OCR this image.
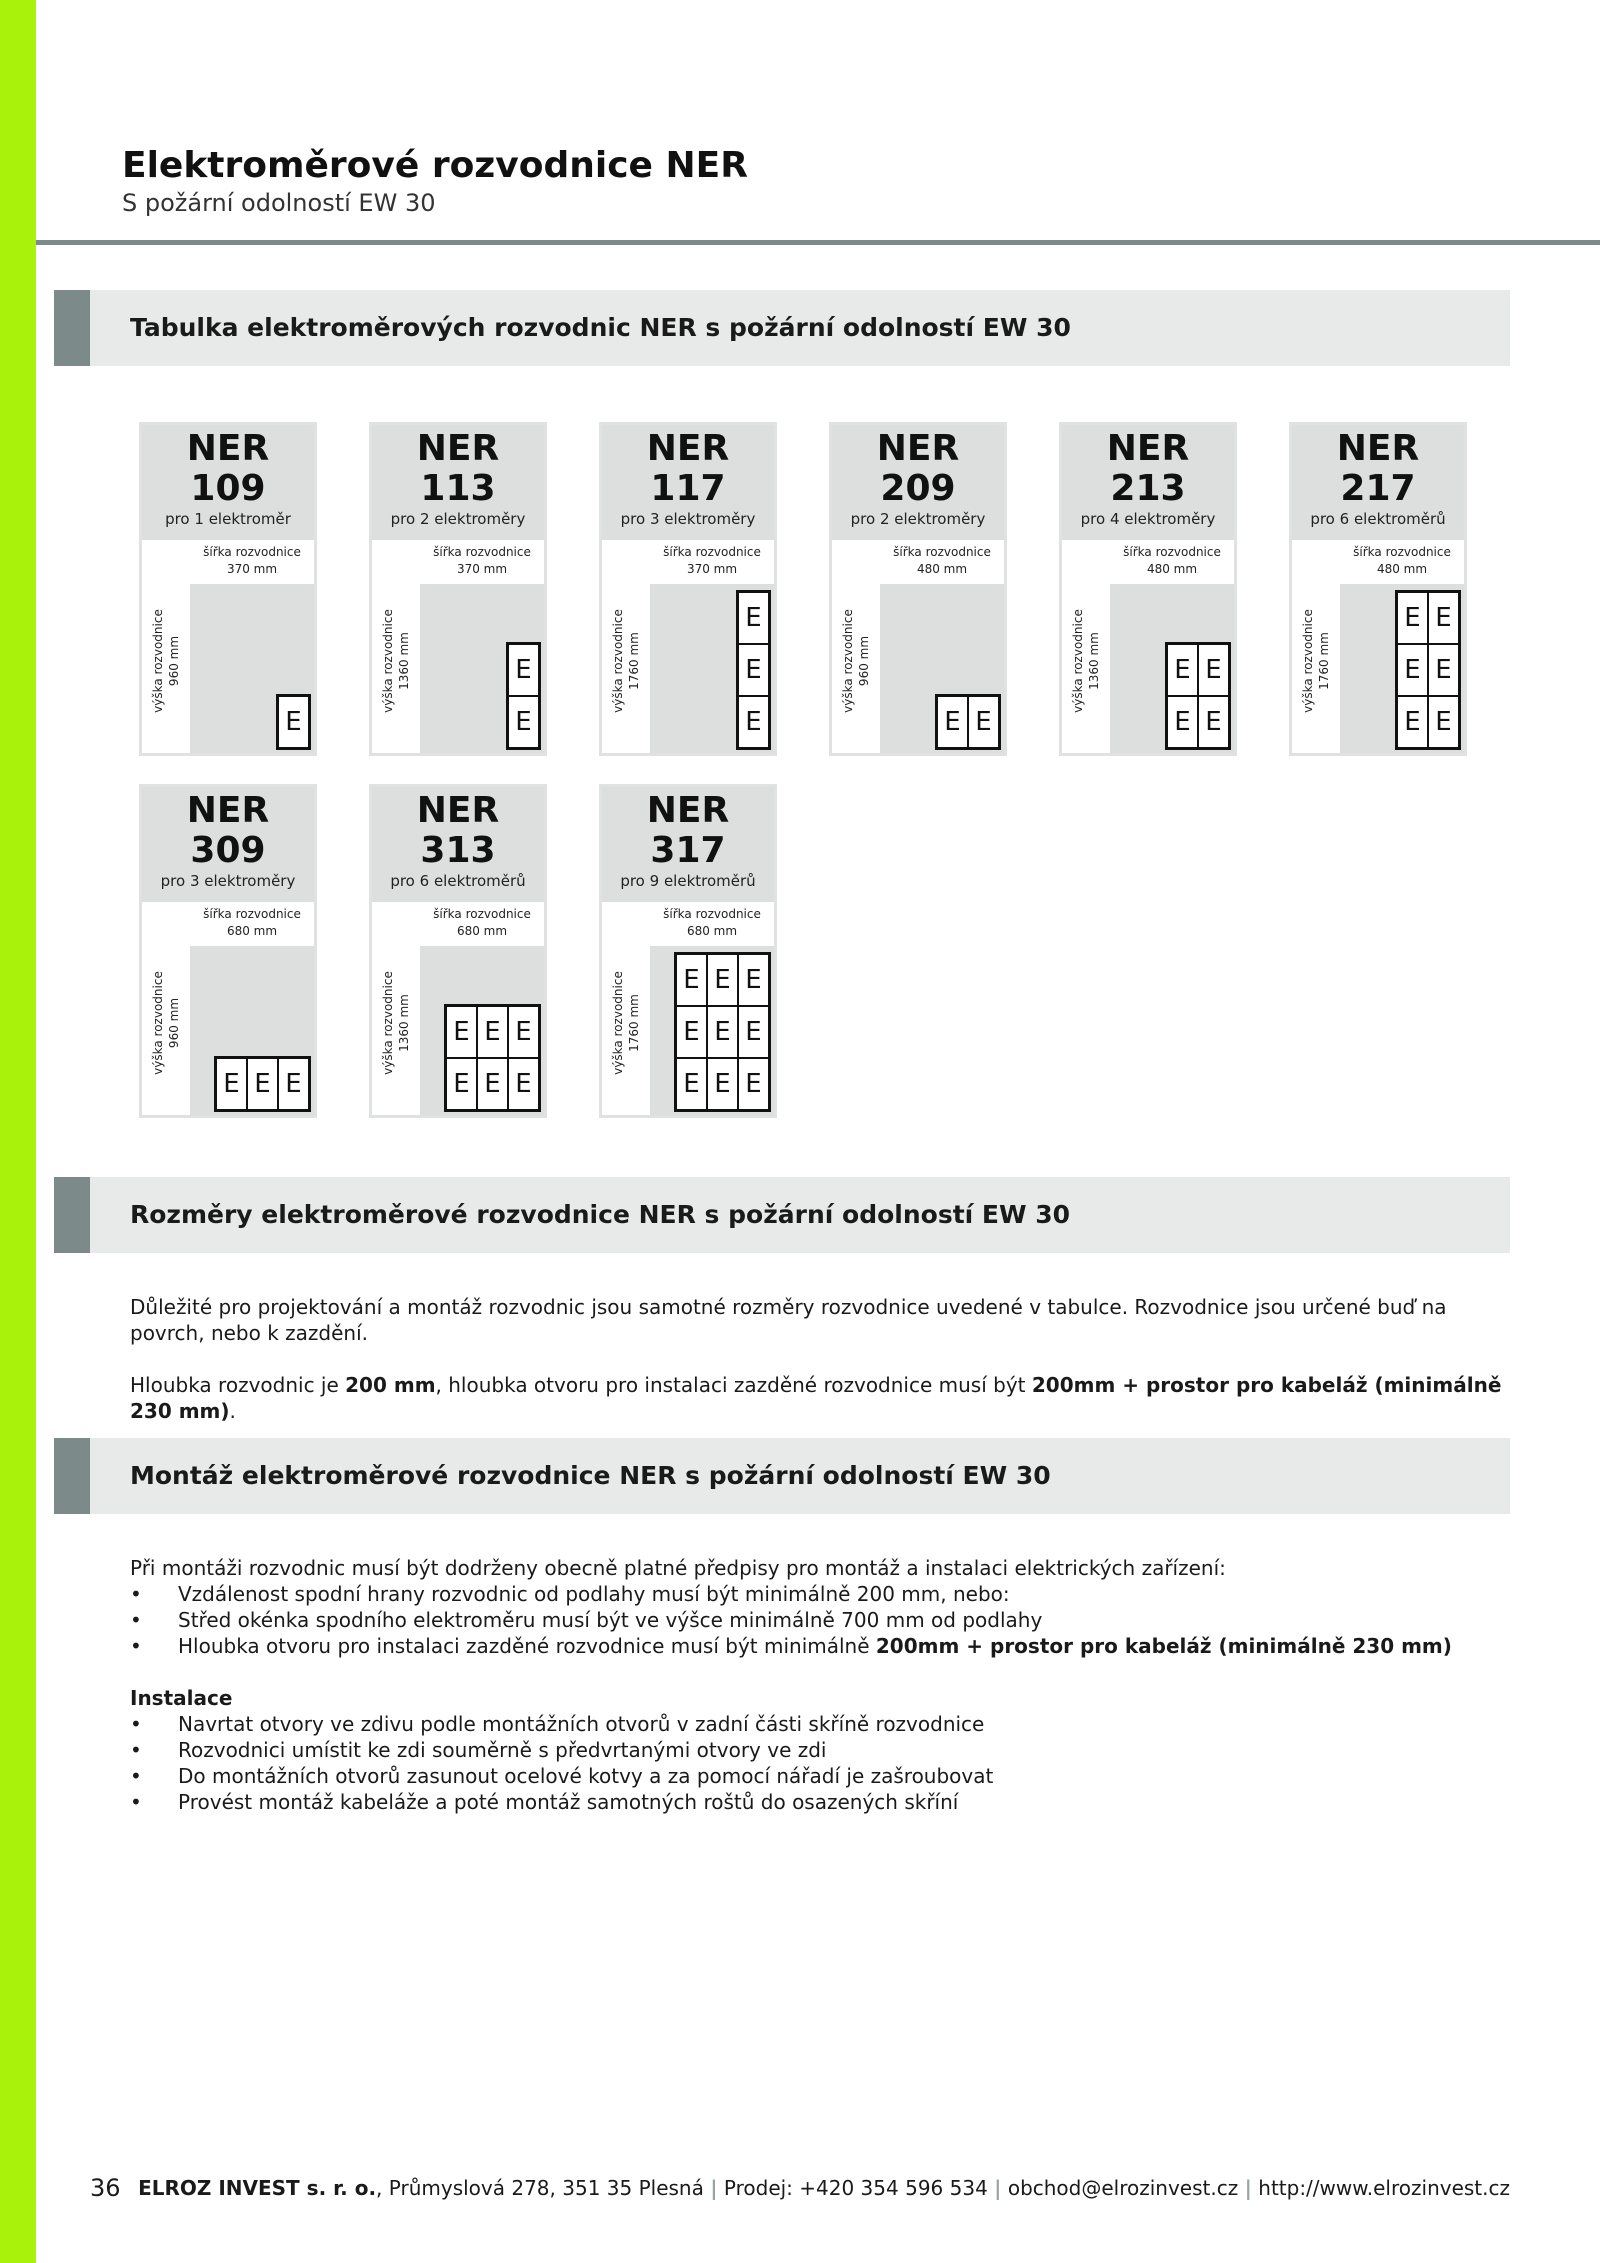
Elektroměrové rozvodnice NER
S požární odolností EW 30
Tabulka elektroměrových rozvodnic NER s požární odolností EW 30
NER
109
pro 1 elektroměr
šířka rozvodnice
370 mm
výška rozvodnice 960 mm
E
NER
113
pro 2 elektroměry
šířka rozvodnice
370 mm
výška rozvodnice 1360 mm	E
E
NER
117
pro 3 elektroměry
šířka rozvodnice
370 mm
výška rozvodnice 1760 mm
E
E
E
NER
209
pro 2 elektroměry
šířka rozvodnice
480 mm
výška rozvodnice 960 mm
E E
NER
213
pro 4 elektroměry
šířka rozvodnice
480 mm
výška rozvodnice 1360 mm	E E
E E
NER
217
pro 6 elektroměrů
šířka rozvodnice
480 mm
výška rozvodnice 1760 mm
E E
E E
E E
NER
309
pro 3 elektroměry
šířka rozvodnice
680 mm
výška rozvodnice 960 mm
E E E
NER
313
pro 6 elektroměrů
šířka rozvodnice
680 mm
výška rozvodnice 1360 mm E E E
E E E
NER
317
pro 9 elektroměrů
šířka rozvodnice
680 mm
výška rozvodnice 1760 mm
E E E
E E E
E E E
Rozměry elektroměrové rozvodnice NER s požární odolností EW 30
Důležité pro projektování a montáž rozvodnic jsou samotné rozměry rozvodnice uvedené v tabulce. Rozvodnice jsou určené buď na povrch, nebo k zazdění.
Hloubka rozvodnic je 200 mm, hloubka otvoru pro instalaci zazděné rozvodnice musí být 200mm + prostor pro kabeláž (minimálně 230 mm).
Montáž elektroměrové rozvodnice NER s požární odolností EW 30
Při montáži rozvodnic musí být dodrženy obecně platné předpisy pro montáž a instalaci elektrických zařízení:
• Vzdálenost spodní hrany rozvodnic od podlahy musí být minimálně 200 mm, nebo:
• Střed okénka spodního elektroměru musí být ve výšce minimálně 700 mm od podlahy
• Hloubka otvoru pro instalaci zazděné rozvodnice musí být minimálně 200mm + prostor pro kabeláž (minimálně 230 mm)
Instalace
• Navrtat otvory ve zdivu podle montážních otvorů v zadní části skříně rozvodnice
• Rozvodnici umístit ke zdi souměrně s předvrtanými otvory ve zdi
• Do montážních otvorů zasunout ocelové kotvy a za pomocí nářadí je zašroubovat
• Provést montáž kabeláže a poté montáž samotných roštů do osazených skříní
36 ELROZ INVEST s. r. o., Průmyslová 278, 351 35 Plesná | Prodej: +420 354 596 534 | obchod@elrozinvest.cz | http://www.elrozinvest.cz
